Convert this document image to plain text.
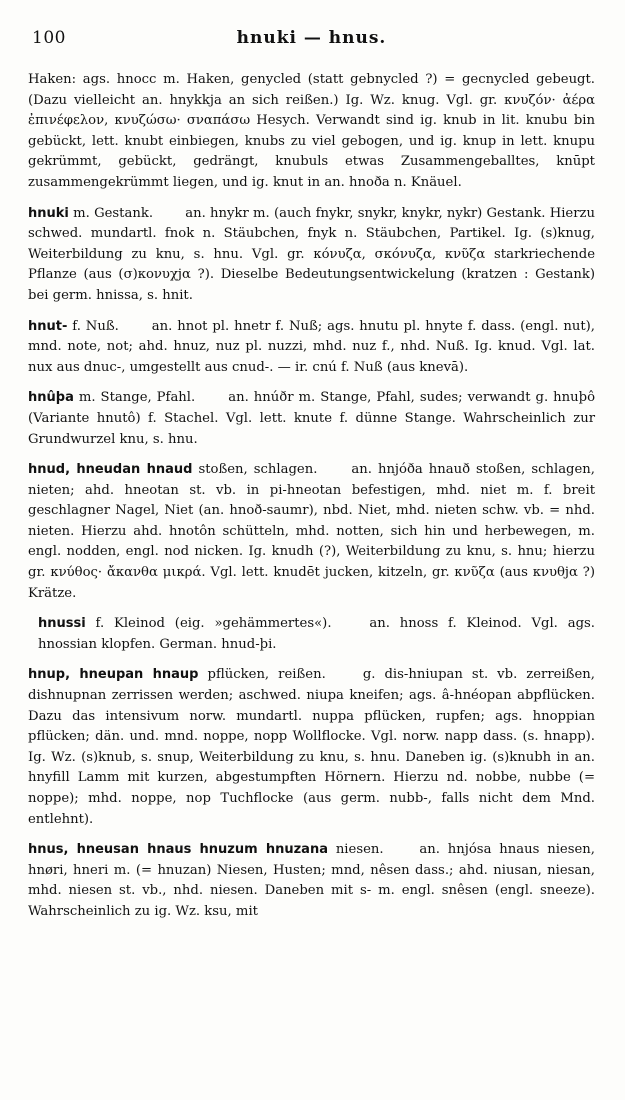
100	hnuki — hnus.

Haken: ags. hnocc m. Haken, genycled (statt gebnycled ?) = gecnycled gebeugt. (Dazu vielleicht an. hnykkja an sich reißen.) Ig. Wz. knug. Vgl. gr. κνυζόν· ἀέρα ἐπινέφελον, κνυζώσω· σναπάσω Hesych. Verwandt sind ig. knub in lit. knubu bin gebückt, lett. knubt einbiegen, knubs zu viel gebogen, und ig. knup in lett. knupu gekrümmt, gebückt, gedrängt, knubuls etwas Zusammengeballtes, knūpt zusammengekrümmt liegen, und ig. knut in an. hnoða n. Knäuel.

hnuki m. Gestank. an. hnykr m. (auch fnykr, snykr, knykr, nykr) Gestank. Hierzu schwed. mundartl. fnok n. Stäubchen, fnyk n. Stäubchen, Partikel. Ig. (s)knug, Weiterbildung zu knu, s. hnu. Vgl. gr. κόνυζα, σκόνυζα, κνῦζα starkriechende Pflanze (aus (σ)κονυχjα ?). Dieselbe Bedeutungsentwickelung (kratzen : Gestank) bei germ. hnissa, s. hnit.

hnut- f. Nuß. an. hnot pl. hnetr f. Nuß; ags. hnutu pl. hnyte f. dass. (engl. nut), mnd. note, not; ahd. hnuz, nuz pl. nuzzi, mhd. nuz f., nhd. Nuß. Ig. knud. Vgl. lat. nux aus dnuc-, umgestellt aus cnud-. — ir. cnú f. Nuß (aus knevā).

hnûþa m. Stange, Pfahl.	an. hnúðr m. Stange, Pfahl, sudes; verwandt g. hnuþô (Variante hnutô) f. Stachel. Vgl. lett. knute f. dünne Stange. Wahrscheinlich zur Grundwurzel knu, s. hnu.

hnud, hneudan hnaud stoßen, schlagen.	an. hnjóða hnauð stoßen, schlagen, nieten; ahd. hneotan st. vb. in pi-hneotan befestigen, mhd. niet m. f. breit geschlagner Nagel, Niet (an. hnoð-saumr), nbd. Niet, mhd. nieten schw. vb. = nhd. nieten. Hierzu ahd. hnotôn schütteln, mhd. notten, sich hin und herbewegen, m. engl. nodden, engl. nod nicken. Ig. knudh (?), Weiterbildung zu knu, s. hnu; hierzu gr. κνύθος· ἄκανθα μικρά. Vgl. lett. knudēt jucken, kitzeln, gr. κνῦζα (aus κνυθjα ?) Krätze.

hnussi f. Kleinod (eig. »gehämmertes«).	an. hnoss f. Kleinod. Vgl. ags. hnossian klopfen. German. hnud-þi.

hnup, hneupan hnaup pflücken, reißen.	g. dis-hniupan st. vb. zerreißen, dishnupnan zerrissen werden; aschwed. niupa kneifen; ags. â-hnéopan abpflücken. Dazu das intensivum norw. mundartl. nuppa pflücken, rupfen; ags. hnoppian pflücken; dän. und. mnd. noppe, nopp Wollflocke. Vgl. norw. napp dass. (s. hnapp). Ig. Wz. (s)knub, s. snup, Weiterbildung zu knu, s. hnu. Daneben ig. (s)knubh in an. hnyfill Lamm mit kurzen, abgestumpften Hörnern. Hierzu nd. nobbe, nubbe (= noppe); mhd. noppe, nop Tuchflocke (aus germ. nubb-, falls nicht dem Mnd. entlehnt).

hnus, hneusan hnaus hnuzum hnuzana niesen.	an. hnjósa hnaus niesen, hnøri, hneri m. (= hnuzan) Niesen, Husten; mnd, nêsen dass.; ahd. niusan, niesan, mhd. niesen st. vb., nhd. niesen. Daneben mit s- m. engl. snêsen (engl. sneeze). Wahrscheinlich zu ig. Wz. ksu, mit
